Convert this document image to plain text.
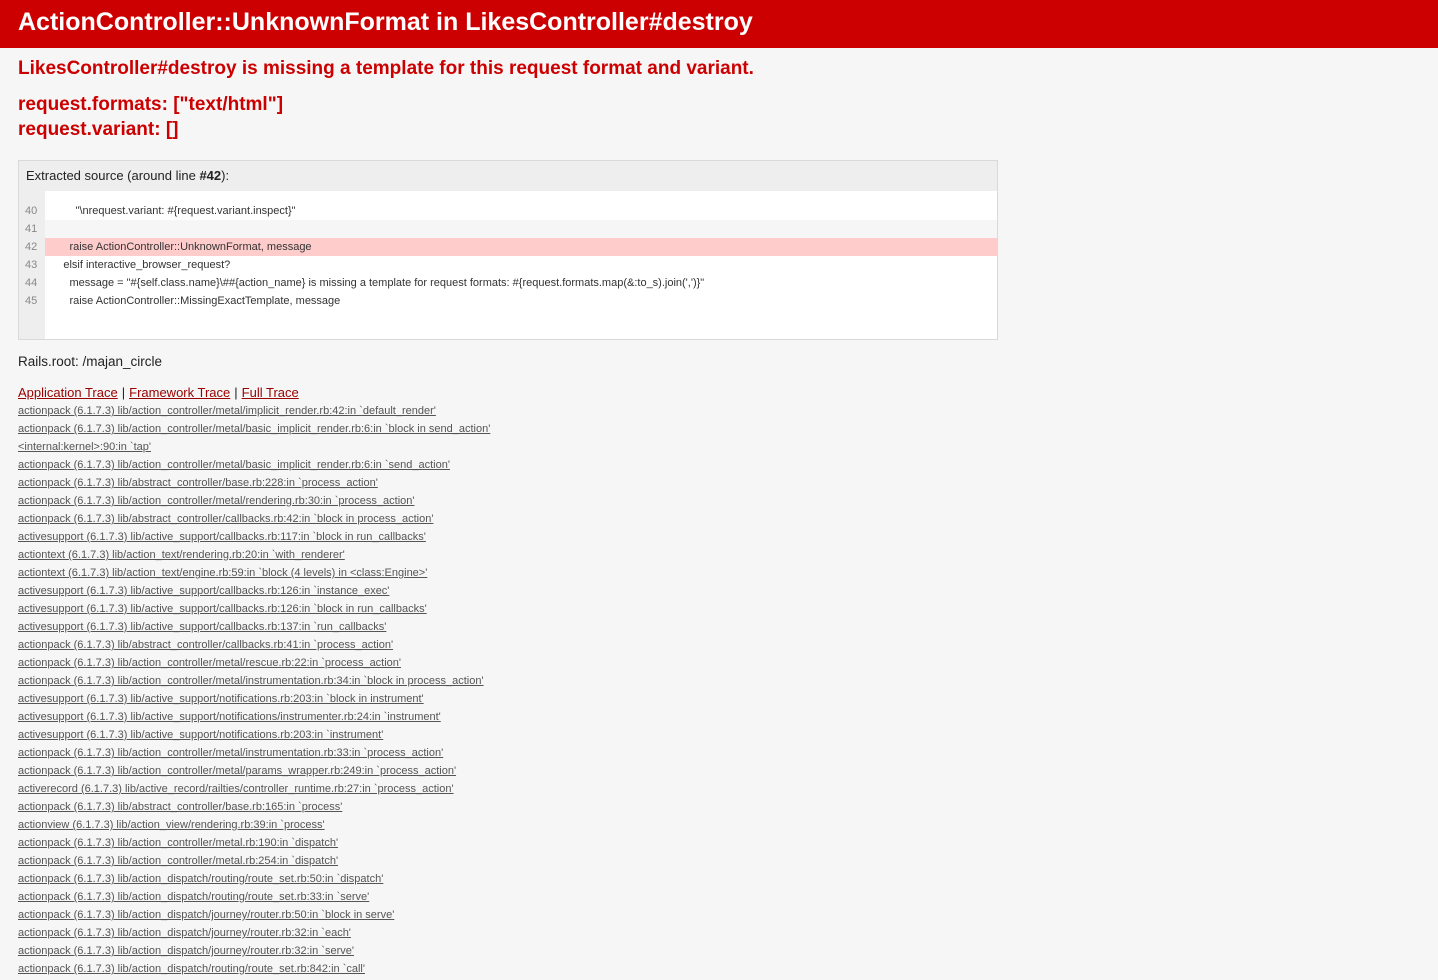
ActionController::UnknownFormat in LikesController#destroy
LikesController#destroy is missing a template for this request format and variant.
request.formats: ["text/html"]
request.variant: []
Extracted source (around line #42):
40
41
42
43
44
45
"\nrequest.variant: #{request.variant.inspect}"
raise ActionController::UnknownFormat, message
elsif interactive_browser_request?
message = "#{self.class.name}\##{action_name} is missing a template for request formats: #{request.formats.map(&:to_s).join(',')}"
raise ActionController::MissingExactTemplate, message

Rails.root: /majan_circle

Application Trace | Framework Trace | Full Trace
actionpack (6.1.7.3) lib/action_controller/metal/implicit_render.rb:42:in `default_render'
actionpack (6.1.7.3) lib/action_controller/metal/basic_implicit_render.rb:6:in `block in send_action'
<internal:kernel>:90:in `tap'
actionpack (6.1.7.3) lib/action_controller/metal/basic_implicit_render.rb:6:in `send_action'
actionpack (6.1.7.3) lib/abstract_controller/base.rb:228:in `process_action'
actionpack (6.1.7.3) lib/action_controller/metal/rendering.rb:30:in `process_action'
actionpack (6.1.7.3) lib/abstract_controller/callbacks.rb:42:in `block in process_action'
activesupport (6.1.7.3) lib/active_support/callbacks.rb:117:in `block in run_callbacks'
actiontext (6.1.7.3) lib/action_text/rendering.rb:20:in `with_renderer'
actiontext (6.1.7.3) lib/action_text/engine.rb:59:in `block (4 levels) in <class:Engine>'
activesupport (6.1.7.3) lib/active_support/callbacks.rb:126:in `instance_exec'
activesupport (6.1.7.3) lib/active_support/callbacks.rb:126:in `block in run_callbacks'
activesupport (6.1.7.3) lib/active_support/callbacks.rb:137:in `run_callbacks'
actionpack (6.1.7.3) lib/abstract_controller/callbacks.rb:41:in `process_action'
actionpack (6.1.7.3) lib/action_controller/metal/rescue.rb:22:in `process_action'
actionpack (6.1.7.3) lib/action_controller/metal/instrumentation.rb:34:in `block in process_action'
activesupport (6.1.7.3) lib/active_support/notifications.rb:203:in `block in instrument'
activesupport (6.1.7.3) lib/active_support/notifications/instrumenter.rb:24:in `instrument'
activesupport (6.1.7.3) lib/active_support/notifications.rb:203:in `instrument'
actionpack (6.1.7.3) lib/action_controller/metal/instrumentation.rb:33:in `process_action'
actionpack (6.1.7.3) lib/action_controller/metal/params_wrapper.rb:249:in `process_action'
activerecord (6.1.7.3) lib/active_record/railties/controller_runtime.rb:27:in `process_action'
actionpack (6.1.7.3) lib/abstract_controller/base.rb:165:in `process'
actionview (6.1.7.3) lib/action_view/rendering.rb:39:in `process'
actionpack (6.1.7.3) lib/action_controller/metal.rb:190:in `dispatch'
actionpack (6.1.7.3) lib/action_controller/metal.rb:254:in `dispatch'
actionpack (6.1.7.3) lib/action_dispatch/routing/route_set.rb:50:in `dispatch'
actionpack (6.1.7.3) lib/action_dispatch/routing/route_set.rb:33:in `serve'
actionpack (6.1.7.3) lib/action_dispatch/journey/router.rb:50:in `block in serve'
actionpack (6.1.7.3) lib/action_dispatch/journey/router.rb:32:in `each'
actionpack (6.1.7.3) lib/action_dispatch/journey/router.rb:32:in `serve'
actionpack (6.1.7.3) lib/action_dispatch/routing/route_set.rb:842:in `call'
